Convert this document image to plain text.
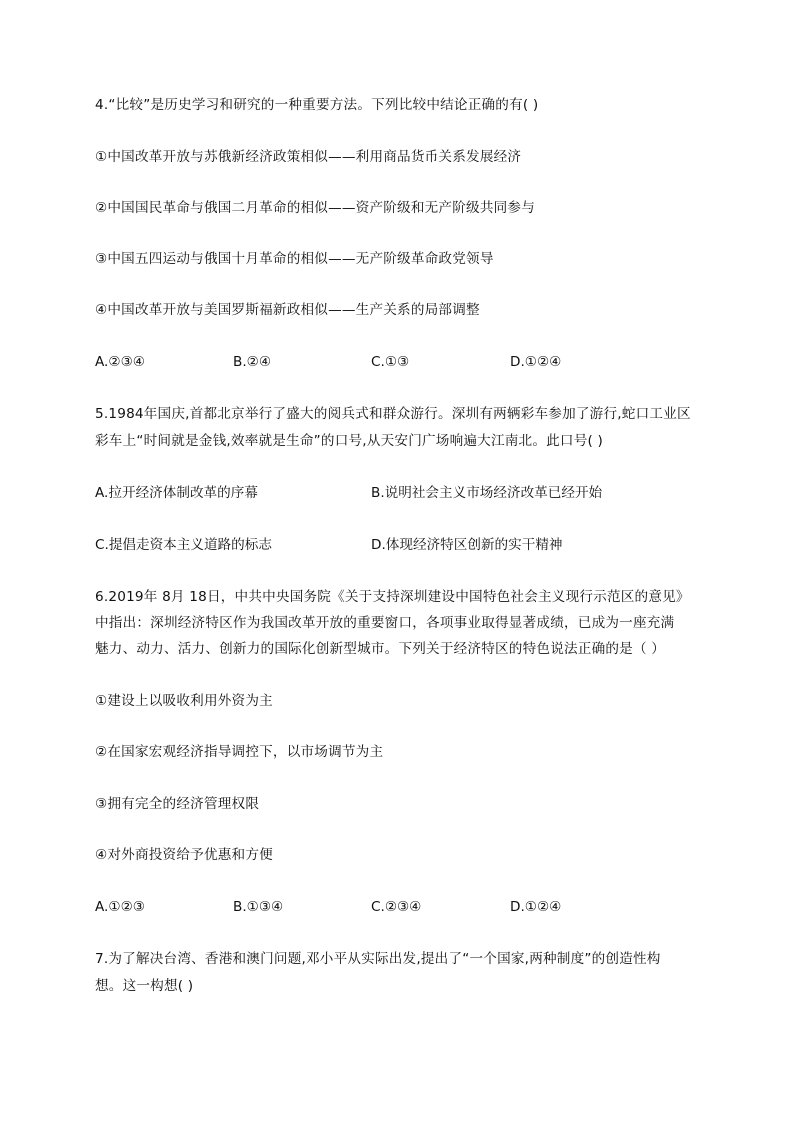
4.“比较”是历史学习和研究的一种重要方法。下列比较中结论正确的有( )
①中国改革开放与苏俄新经济政策相似——利用商品货币关系发展经济
②中国国民革命与俄国二月革命的相似——资产阶级和无产阶级共同参与
③中国五四运动与俄国十月革命的相似——无产阶级革命政党领导
④中国改革开放与美国罗斯福新政相似——生产关系的局部调整
A.②③④	B.②④	C.①③	D.①②④
5.1984年国庆,首都北京举行了盛大的阅兵式和群众游行。深圳有两辆彩车参加了游行,蛇口工业区
彩车上“时间就是金钱,效率就是生命”的口号,从天安门广场响遍大江南北。此口号( )
A.拉开经济体制改革的序幕	B.说明社会主义市场经济改革已经开始
C.提倡走资本主义道路的标志	D.体现经济特区创新的实干精神
6.2019年 8月 18日，中共中央国务院《关于支持深圳建设中国特色社会主义现行示范区的意见》
中指出：深圳经济特区作为我国改革开放的重要窗口，各项事业取得显著成绩，已成为一座充满
魅力、动力、活力、创新力的国际化创新型城市。下列关于经济特区的特色说法正确的是（ ）
①建设上以吸收利用外资为主
②在国家宏观经济指导调控下，以市场调节为主
③拥有完全的经济管理权限
④对外商投资给予优惠和方便
A.①②③	B.①③④	C.②③④	D.①②④
7.为了解决台湾、香港和澳门问题,邓小平从实际出发,提出了“一个国家,两种制度”的创造性构
想。这一构想( )
